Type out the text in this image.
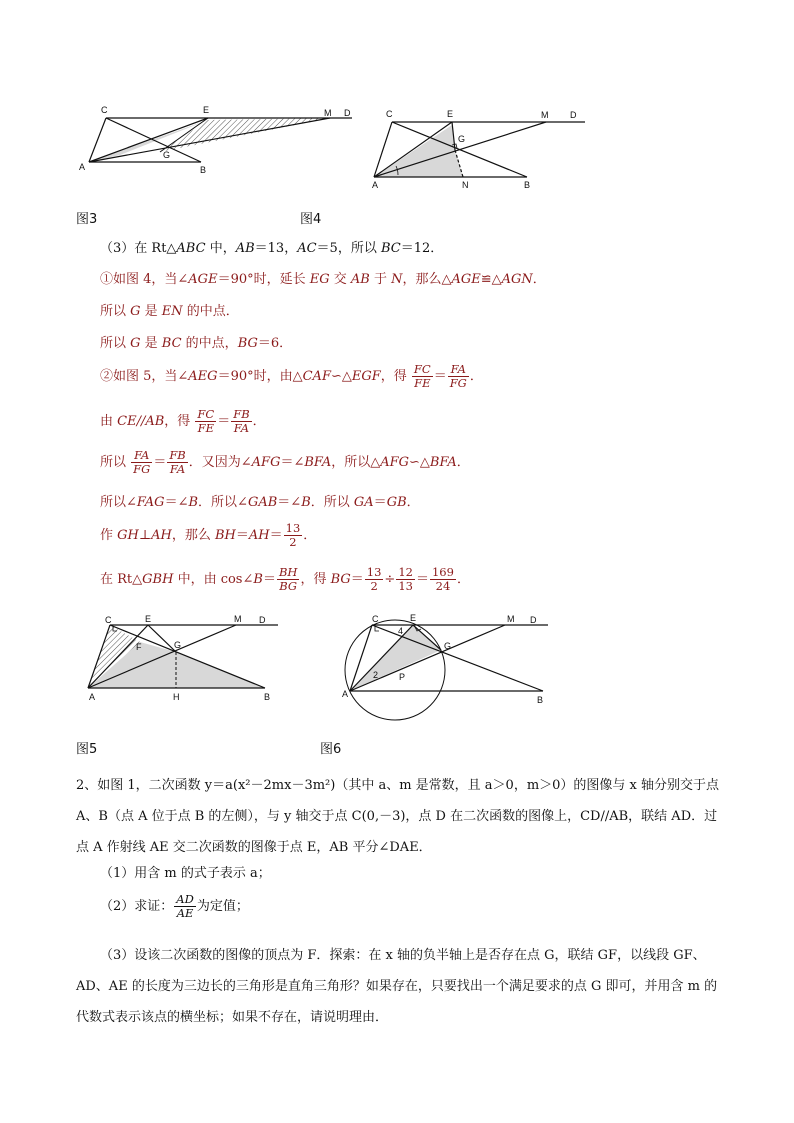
C	E	M D
A
G
B
C	E	M D
G
A	N	B
图3	图4
（3）在 Rt△ABC 中，AB＝13，AC＝5，所以 BC＝12．
①如图 4，当∠AGE＝90°时，延长 EG 交 AB 于 N，那么△AGE≌△AGN．
所以 G 是 EN 的中点．
所以 G 是 BC 的中点，BG＝6．
②如图 5，当∠AEG＝90°时，由△CAF∽△EGF，得 $\frac{FC}{FE} = \frac{FA}{FG}$ ．
由 CE//AB，得 $\frac{FC}{FE} = \frac{FB}{FA}$ ．
所以 $\frac{FA}{FG} = \frac{FB}{FA}$ ．又因为∠AFG＝∠BFA，所以△AFG∽△BFA．
所以∠FAG＝∠B．所以∠GAB＝∠B．所以 GA＝GB．
作 GH⊥AH，那么 $BH=AH= \frac{13}{2}$ ．
在 Rt△GBH 中，由 cos∠B＝ $\frac{BH}{BG}$ ，得 $BG= \frac{13}{2} \div \frac{12}{13} = \frac{169}{24}$ ．
C	E	M D
F	G
A	H	B
C	E	M D
4
G
2 P
A
B
图5	图6
2、如图 1，二次函数 y＝a(x²－2mx－3m²)（其中 a、m 是常数，且 a＞0，m＞0）的图像与 x 轴分别交于点 A、B（点 A 位于点 B 的左侧），与 y 轴交于点 C(0,－3)，点 D 在二次函数的图像上，CD//AB，联结 AD．过点 A 作射线 AE 交二次函数的图像于点 E，AB 平分∠DAE．
（1）用含 m 的式子表示 a；
（2）求证： $\frac{AD}{AE}$ 为定值；
（3）设该二次函数的图像的顶点为 F．探索：在 x 轴的负半轴上是否存在点 G，联结 GF，以线段 GF、AD、AE 的长度为三边长的三角形是直角三角形？如果存在，只要找出一个满足要求的点 G 即可，并用含 m 的代数式表示该点的横坐标；如果不存在，请说明理由．
